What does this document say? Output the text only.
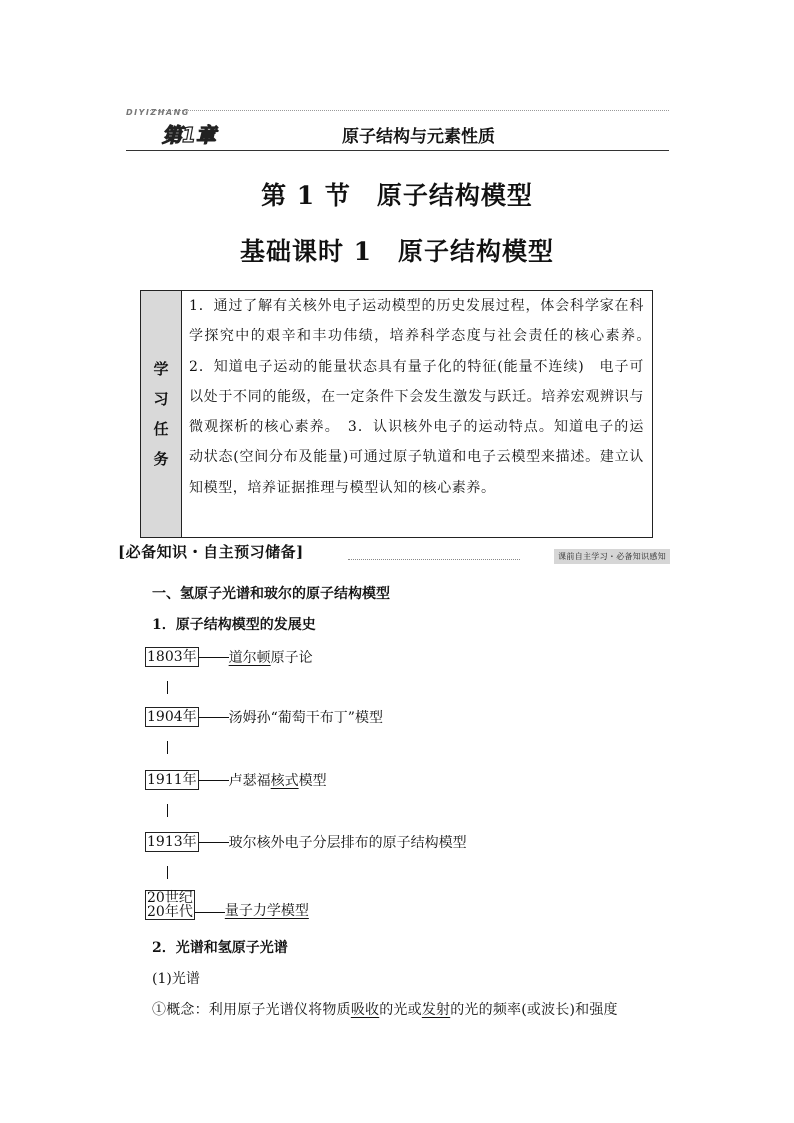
DIYIZHANG
第1章	原子结构与元素性质
第 1 节　原子结构模型
基础课时 1　原子结构模型
学
习
任
务
1．通过了解有关核外电子运动模型的历史发展过程，体会科学家在科学探究中的艰辛和丰功伟绩，培养科学态度与社会责任的核心素养。　2．知道电子运动的能量状态具有量子化的特征(能量不连续)　电子可以处于不同的能级，在一定条件下会发生激发与跃迁。培养宏观辨识与微观探析的核心素养。　3．认识核外电子的运动特点。知道电子的运动状态(空间分布及能量)可通过原子轨道和电子云模型来描述。建立认知模型，培养证据推理与模型认知的核心素养。
[必备知识・自主预习储备]	课前自主学习・必备知识感知
一、氢原子光谱和玻尔的原子结构模型
1．原子结构模型的发展史
1803年 道尔顿 原子论
1904年 汤姆孙“葡萄干布丁”模型
1911年 卢瑟福 核式 模型
1913年 玻尔核外电子分层排布的原子结构模型
20世纪
20年代 量子力学模型
2．光谱和氢原子光谱
(1)光谱
①概念：利用原子光谱仪将物质吸收的光或发射的光的频率(或波长)和强度
